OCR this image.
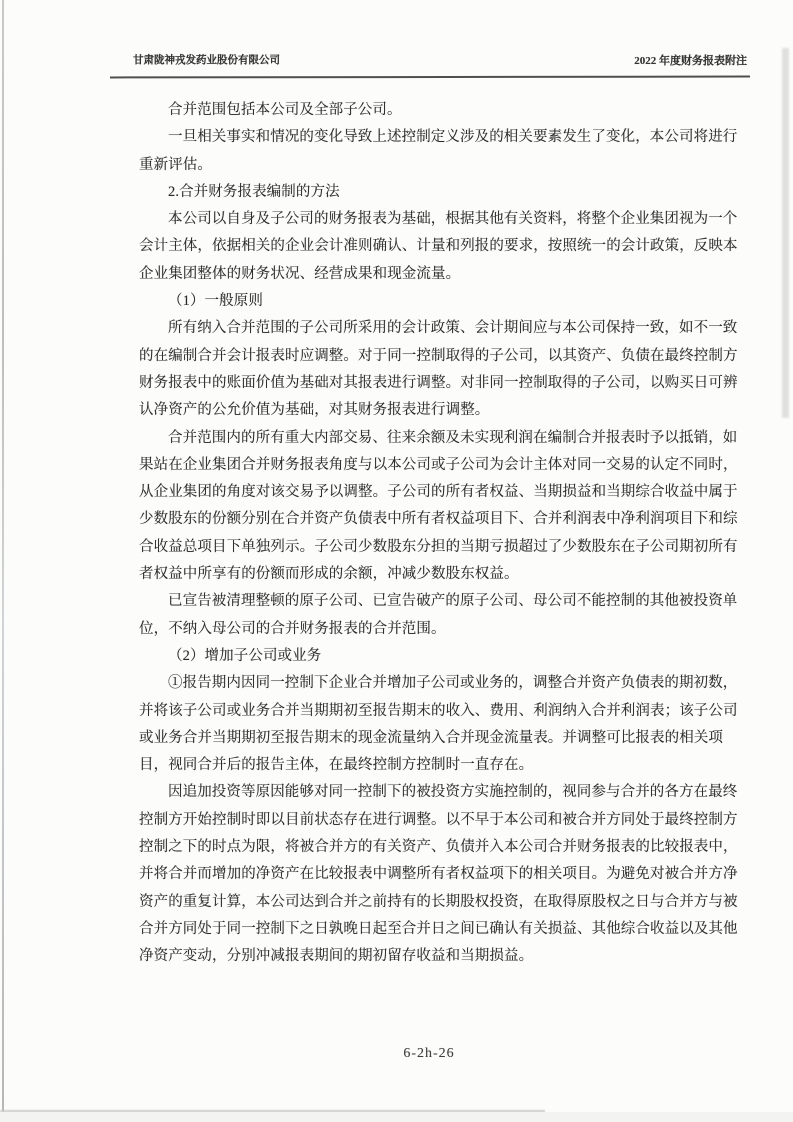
甘肃陇神戎发药业股份有限公司	2022 年度财务报表附注
合并范围包括本公司及全部子公司。
一旦相关事实和情况的变化导致上述控制定义涉及的相关要素发生了变化，本公司将进行
重新评估。
2.合并财务报表编制的方法
本公司以自身及子公司的财务报表为基础，根据其他有关资料，将整个企业集团视为一个
会计主体，依据相关的企业会计准则确认、计量和列报的要求，按照统一的会计政策，反映本
企业集团整体的财务状况、经营成果和现金流量。
（1）一般原则
所有纳入合并范围的子公司所采用的会计政策、会计期间应与本公司保持一致，如不一致
的在编制合并会计报表时应调整。对于同一控制取得的子公司，以其资产、负债在最终控制方
财务报表中的账面价值为基础对其报表进行调整。对非同一控制取得的子公司，以购买日可辨
认净资产的公允价值为基础，对其财务报表进行调整。
合并范围内的所有重大内部交易、往来余额及未实现利润在编制合并报表时予以抵销，如
果站在企业集团合并财务报表角度与以本公司或子公司为会计主体对同一交易的认定不同时，
从企业集团的角度对该交易予以调整。子公司的所有者权益、当期损益和当期综合收益中属于
少数股东的份额分别在合并资产负债表中所有者权益项目下、合并利润表中净利润项目下和综
合收益总项目下单独列示。子公司少数股东分担的当期亏损超过了少数股东在子公司期初所有
者权益中所享有的份额而形成的余额，冲减少数股东权益。
已宣告被清理整顿的原子公司、已宣告破产的原子公司、母公司不能控制的其他被投资单
位，不纳入母公司的合并财务报表的合并范围。
（2）增加子公司或业务
①报告期内因同一控制下企业合并增加子公司或业务的，调整合并资产负债表的期初数，
并将该子公司或业务合并当期期初至报告期末的收入、费用、利润纳入合并利润表；该子公司
或业务合并当期期初至报告期末的现金流量纳入合并现金流量表。并调整可比报表的相关项
目，视同合并后的报告主体，在最终控制方控制时一直存在。
因追加投资等原因能够对同一控制下的被投资方实施控制的，视同参与合并的各方在最终
控制方开始控制时即以目前状态存在进行调整。以不早于本公司和被合并方同处于最终控制方
控制之下的时点为限，将被合并方的有关资产、负债并入本公司合并财务报表的比较报表中，
并将合并而增加的净资产在比较报表中调整所有者权益项下的相关项目。为避免对被合并方净
资产的重复计算，本公司达到合并之前持有的长期股权投资，在取得原股权之日与合并方与被
合并方同处于同一控制下之日孰晚日起至合并日之间已确认有关损益、其他综合收益以及其他
净资产变动，分别冲减报表期间的期初留存收益和当期损益。
6-2h-26
